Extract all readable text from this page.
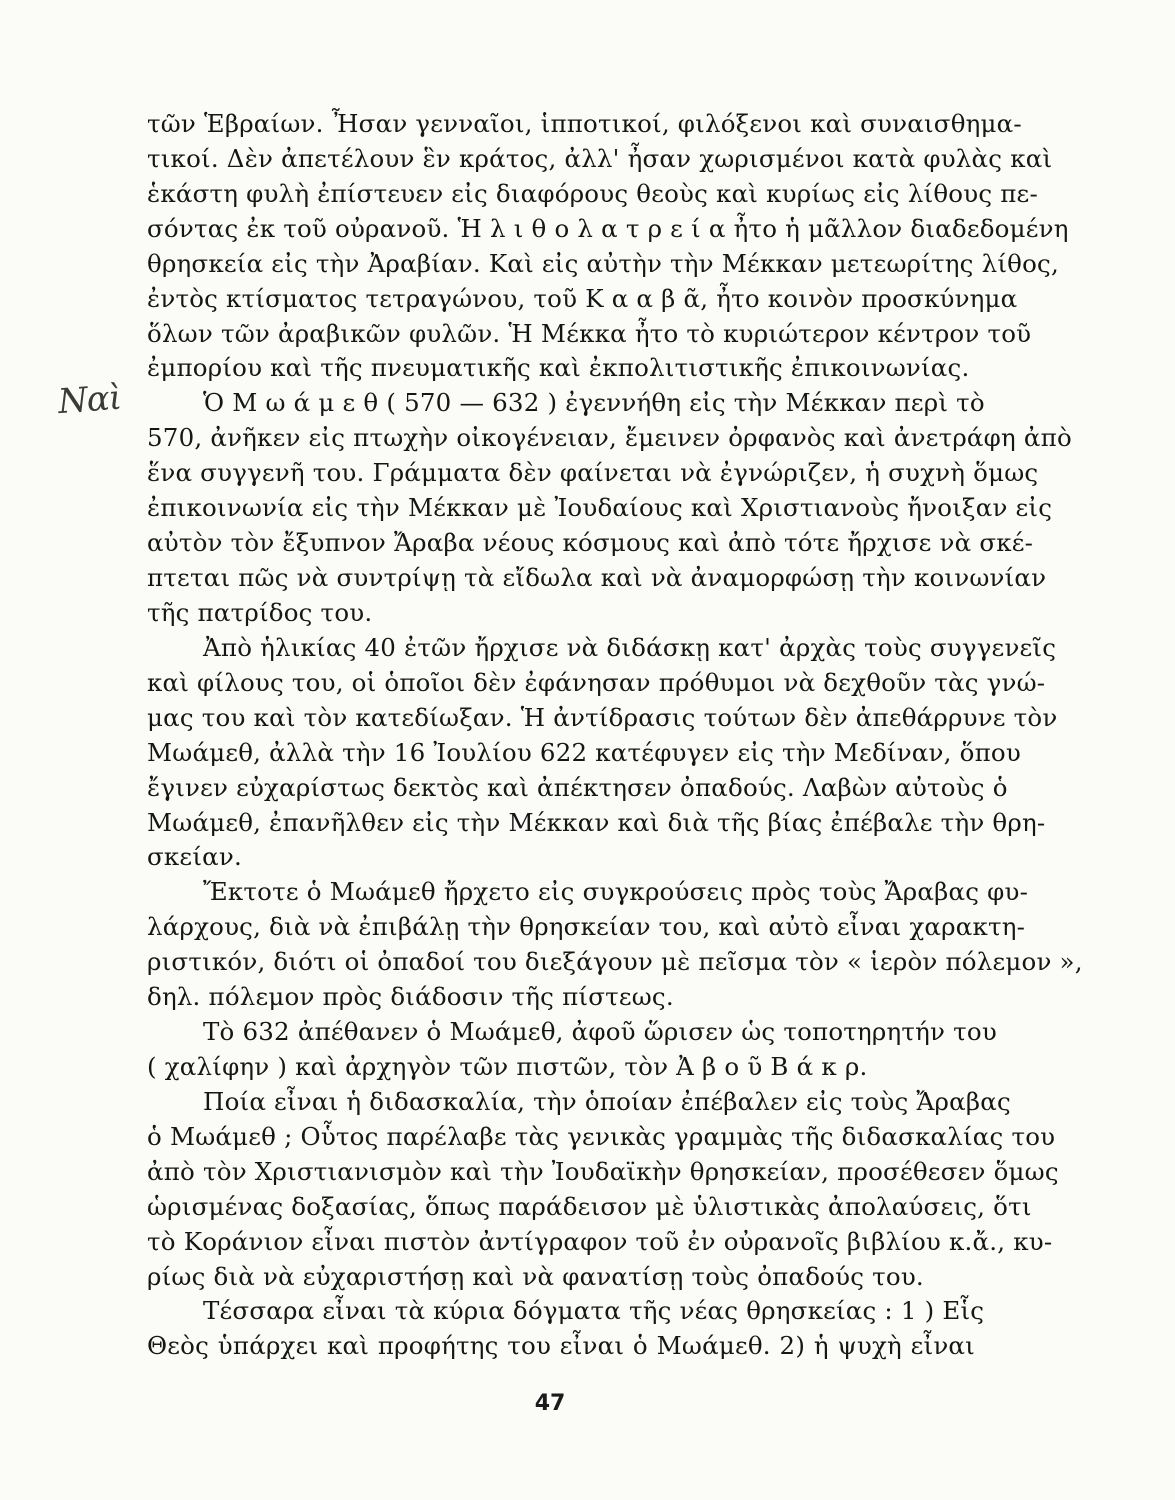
Ναὶ
τῶν Ἑβραίων. Ἦσαν γενναῖοι, ἱπποτικοί, φιλόξενοι καὶ συναισθημα-
τικοί. Δὲν ἀπετέλουν ἓν κράτος, ἀλλ' ἦσαν χωρισμένοι κατὰ φυλὰς καὶ
ἑκάστη φυλὴ ἐπίστευεν εἰς διαφόρους θεοὺς καὶ κυρίως εἰς λίθους πε-
σόντας ἐκ τοῦ οὐρανοῦ. Ἡ λ ι θ ο λ α τ ρ ε ί α ἦτο ἡ μᾶλλον διαδεδομένη
θρησκεία εἰς τὴν Ἀραβίαν. Καὶ εἰς αὐτὴν τὴν Μέκκαν μετεωρίτης λίθος,
ἐντὸς κτίσματος τετραγώνου, τοῦ Κ α α β ᾶ, ἦτο κοινὸν προσκύνημα
ὅλων τῶν ἀραβικῶν φυλῶν. Ἡ Μέκκα ἦτο τὸ κυριώτερον κέντρον τοῦ
ἐμπορίου καὶ τῆς πνευματικῆς καὶ ἐκπολιτιστικῆς ἐπικοινωνίας.
Ὁ Μ ω ά μ ε θ ( 570 — 632 ) ἐγεννήθη εἰς τὴν Μέκκαν περὶ τὸ
570, ἀνῆκεν εἰς πτωχὴν οἰκογένειαν, ἔμεινεν ὀρφανὸς καὶ ἀνετράφη ἀπὸ
ἕνα συγγενῆ του. Γράμματα δὲν φαίνεται νὰ ἐγνώριζεν, ἡ συχνὴ ὅμως
ἐπικοινωνία εἰς τὴν Μέκκαν μὲ Ἰουδαίους καὶ Χριστιανοὺς ἤνοιξαν εἰς
αὐτὸν τὸν ἔξυπνον Ἄραβα νέους κόσμους καὶ ἀπὸ τότε ἤρχισε νὰ σκέ-
πτεται πῶς νὰ συντρίψῃ τὰ εἴδωλα καὶ νὰ ἀναμορφώσῃ τὴν κοινωνίαν
τῆς πατρίδος του.
Ἀπὸ ἡλικίας 40 ἐτῶν ἤρχισε νὰ διδάσκῃ κατ' ἀρχὰς τοὺς συγγενεῖς
καὶ φίλους του, οἱ ὁποῖοι δὲν ἐφάνησαν πρόθυμοι νὰ δεχθοῦν τὰς γνώ-
μας του καὶ τὸν κατεδίωξαν. Ἡ ἀντίδρασις τούτων δὲν ἀπεθάρρυνε τὸν
Μωάμεθ, ἀλλὰ τὴν 16 Ἰουλίου 622 κατέφυγεν εἰς τὴν Μεδίναν, ὅπου
ἔγινεν εὐχαρίστως δεκτὸς καὶ ἀπέκτησεν ὀπαδούς. Λαβὼν αὐτοὺς ὁ
Μωάμεθ, ἐπανῆλθεν εἰς τὴν Μέκκαν καὶ διὰ τῆς βίας ἐπέβαλε τὴν θρη-
σκείαν.
Ἔκτοτε ὁ Μωάμεθ ἤρχετο εἰς συγκρούσεις πρὸς τοὺς Ἄραβας φυ-
λάρχους, διὰ νὰ ἐπιβάλῃ τὴν θρησκείαν του, καὶ αὐτὸ εἶναι χαρακτη-
ριστικόν, διότι οἱ ὀπαδοί του διεξάγουν μὲ πεῖσμα τὸν « ἱερὸν πόλεμον »,
δηλ. πόλεμον πρὸς διάδοσιν τῆς πίστεως.
Τὸ 632 ἀπέθανεν ὁ Μωάμεθ, ἀφοῦ ὥρισεν ὡς τοποτηρητήν του
( χαλίφην ) καὶ ἀρχηγὸν τῶν πιστῶν, τὸν Ἀ β ο ῦ Β ά κ ρ.
Ποία εἶναι ἡ διδασκαλία, τὴν ὁποίαν ἐπέβαλεν εἰς τοὺς Ἄραβας
ὁ Μωάμεθ ; Οὗτος παρέλαβε τὰς γενικὰς γραμμὰς τῆς διδασκαλίας του
ἀπὸ τὸν Χριστιανισμὸν καὶ τὴν Ἰουδαϊκὴν θρησκείαν, προσέθεσεν ὅμως
ὡρισμένας δοξασίας, ὅπως παράδεισον μὲ ὑλιστικὰς ἀπολαύσεις, ὅτι
τὸ Κοράνιον εἶναι πιστὸν ἀντίγραφον τοῦ ἐν οὐρανοῖς βιβλίου κ.ἄ., κυ-
ρίως διὰ νὰ εὐχαριστήσῃ καὶ νὰ φανατίσῃ τοὺς ὀπαδούς του.
Τέσσαρα εἶναι τὰ κύρια δόγματα τῆς νέας θρησκείας : 1 ) Εἷς
Θεὸς ὑπάρχει καὶ προφήτης του εἶναι ὁ Μωάμεθ. 2) ἡ ψυχὴ εἶναι
47
